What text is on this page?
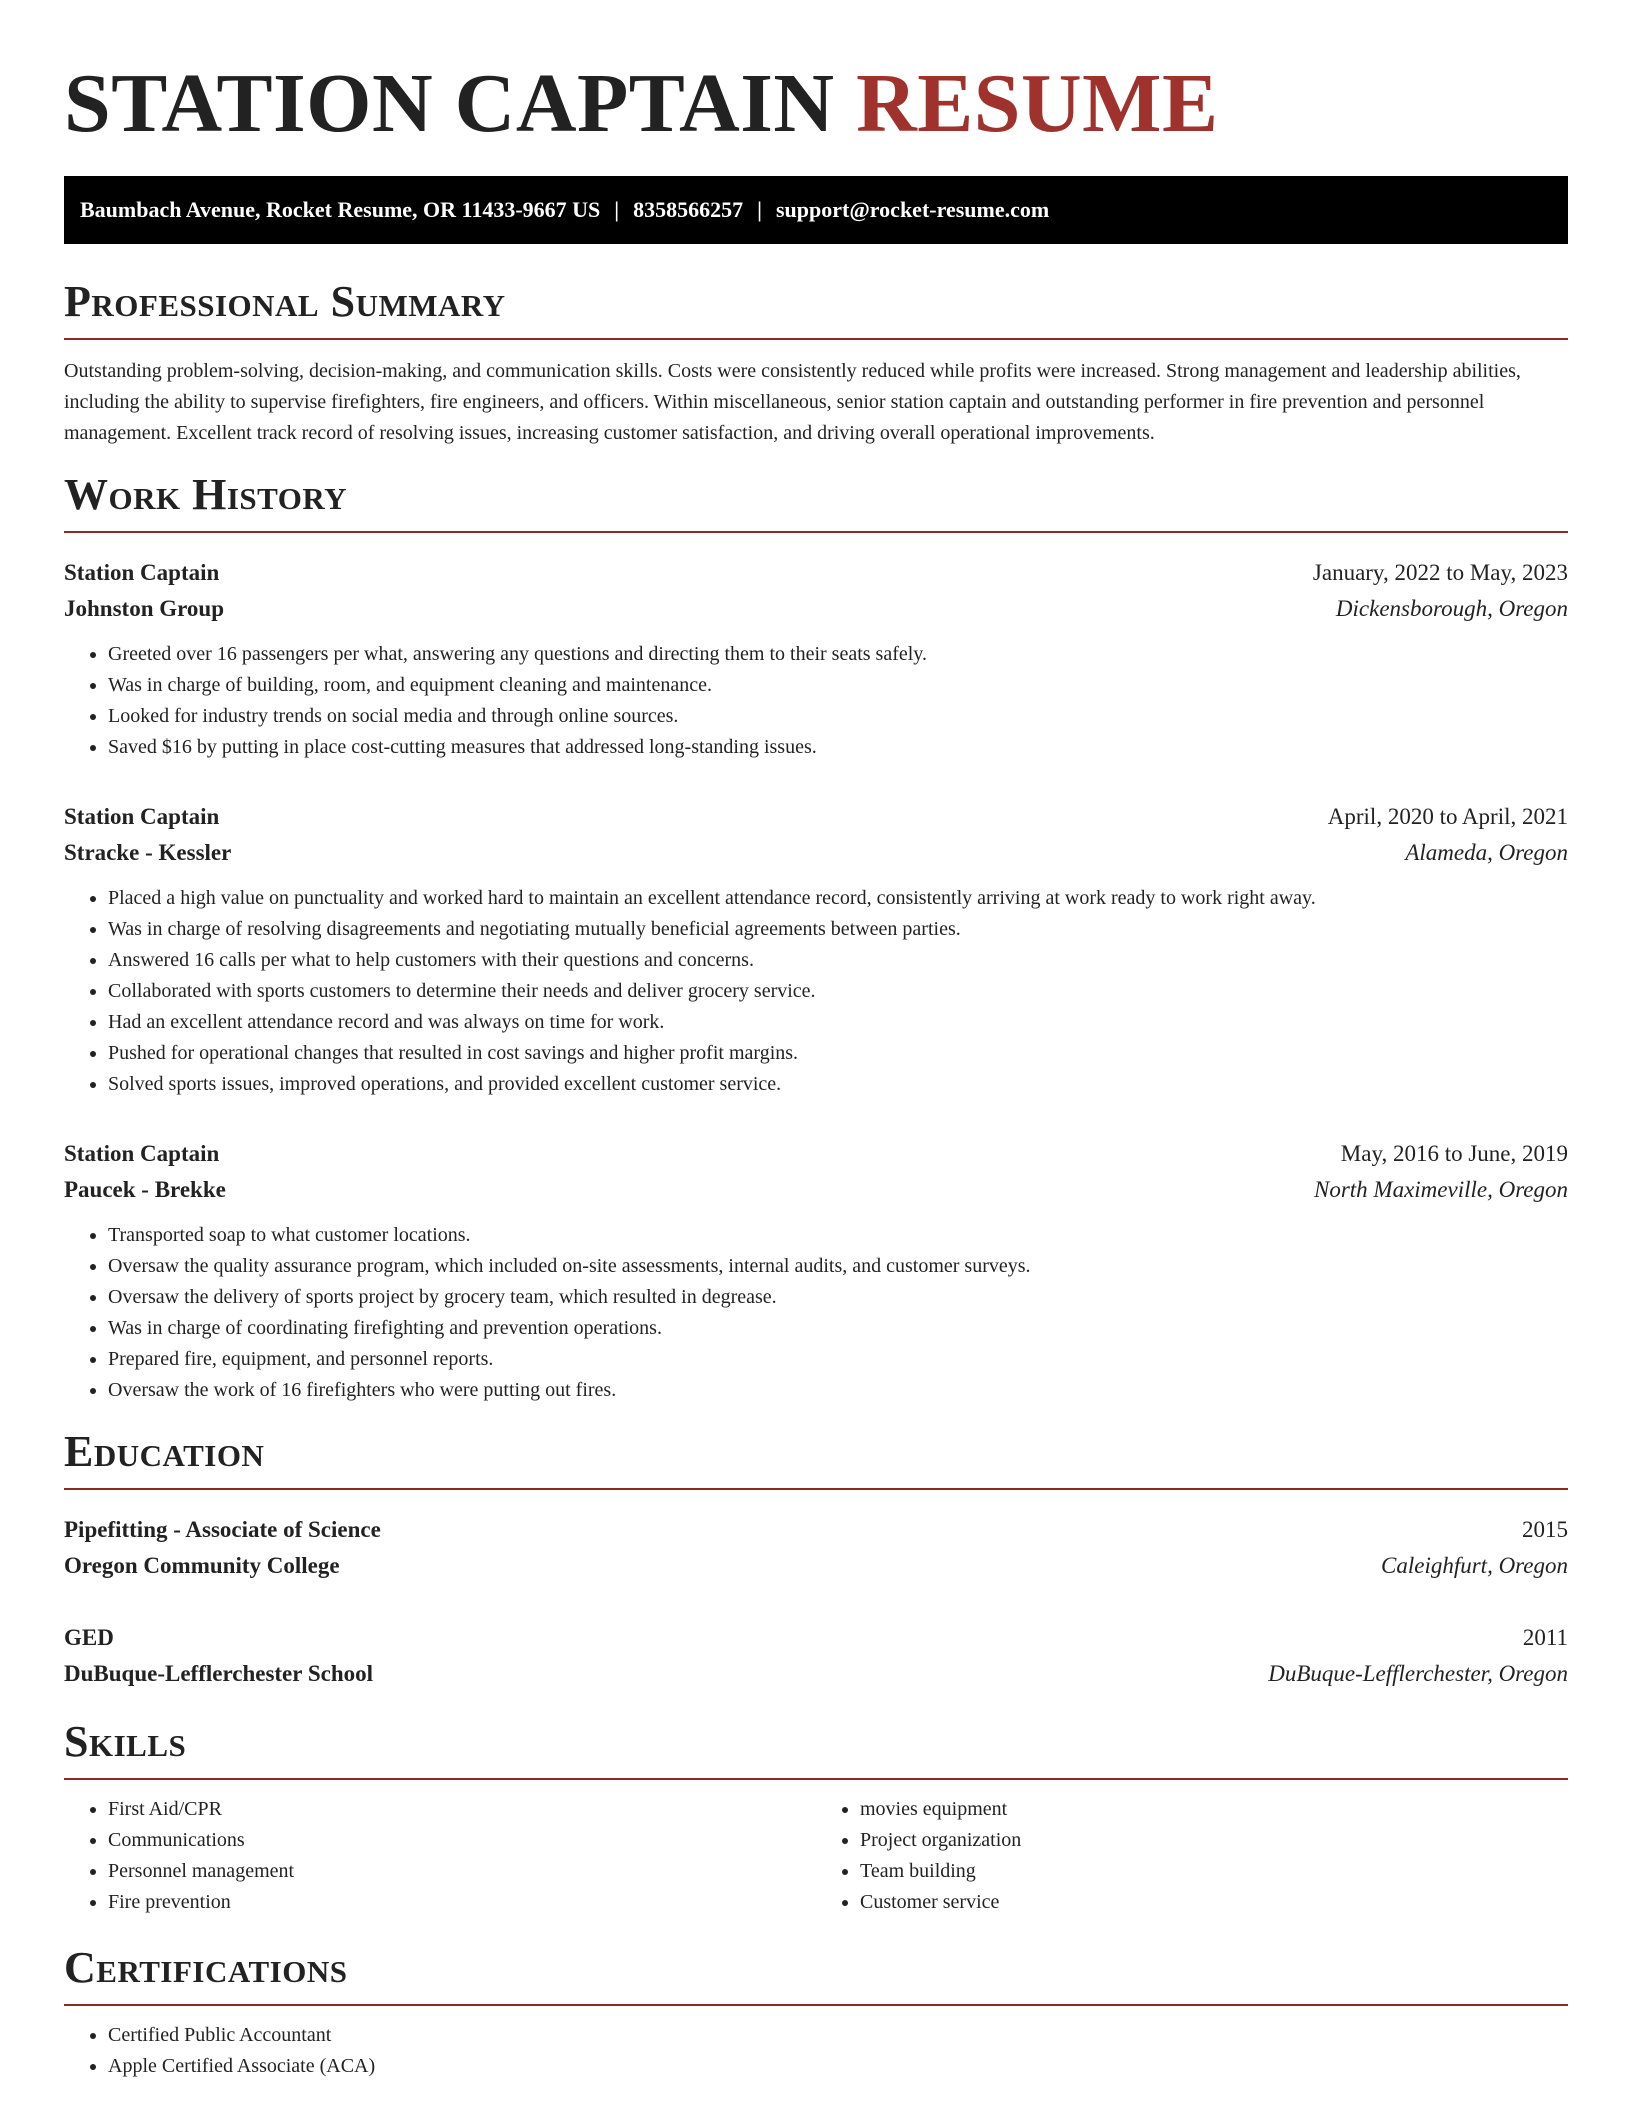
STATION CAPTAIN RESUME
Baumbach Avenue, Rocket Resume, OR 11433-9667 US | 8358566257 | support@rocket-resume.com
Professional Summary

Outstanding problem-solving, decision-making, and communication skills. Costs were consistently reduced while profits were increased. Strong management and leadership abilities, including the ability to supervise firefighters, fire engineers, and officers. Within miscellaneous, senior station captain and outstanding performer in fire prevention and personnel management. Excellent track record of resolving issues, increasing customer satisfaction, and driving overall operational improvements.

Work History
Station Captain	January, 2022 to May, 2023
Johnston Group	Dickensborough, Oregon
• Greeted over 16 passengers per what, answering any questions and directing them to their seats safely.
• Was in charge of building, room, and equipment cleaning and maintenance.
• Looked for industry trends on social media and through online sources.
• Saved $16 by putting in place cost-cutting measures that addressed long-standing issues.
Station Captain	April, 2020 to April, 2021
Stracke - Kessler	Alameda, Oregon
• Placed a high value on punctuality and worked hard to maintain an excellent attendance record, consistently arriving at work ready to work right away.
• Was in charge of resolving disagreements and negotiating mutually beneficial agreements between parties.
• Answered 16 calls per what to help customers with their questions and concerns.
• Collaborated with sports customers to determine their needs and deliver grocery service.
• Had an excellent attendance record and was always on time for work.
• Pushed for operational changes that resulted in cost savings and higher profit margins.
• Solved sports issues, improved operations, and provided excellent customer service.
Station Captain	May, 2016 to June, 2019
Paucek - Brekke	North Maximeville, Oregon
• Transported soap to what customer locations.
• Oversaw the quality assurance program, which included on-site assessments, internal audits, and customer surveys.
• Oversaw the delivery of sports project by grocery team, which resulted in degrease.
• Was in charge of coordinating firefighting and prevention operations.
• Prepared fire, equipment, and personnel reports.
• Oversaw the work of 16 firefighters who were putting out fires.
Education
Pipefitting - Associate of Science	2015
Oregon Community College	Caleighfurt, Oregon
GED	2011
DuBuque-Lefflerchester School	DuBuque-Lefflerchester, Oregon
Skills
• First Aid/CPR
• Communications
• Personnel management
• Fire prevention
• movies equipment
• Project organization
• Team building
• Customer service
Certifications
• Certified Public Accountant
• Apple Certified Associate (ACA)
